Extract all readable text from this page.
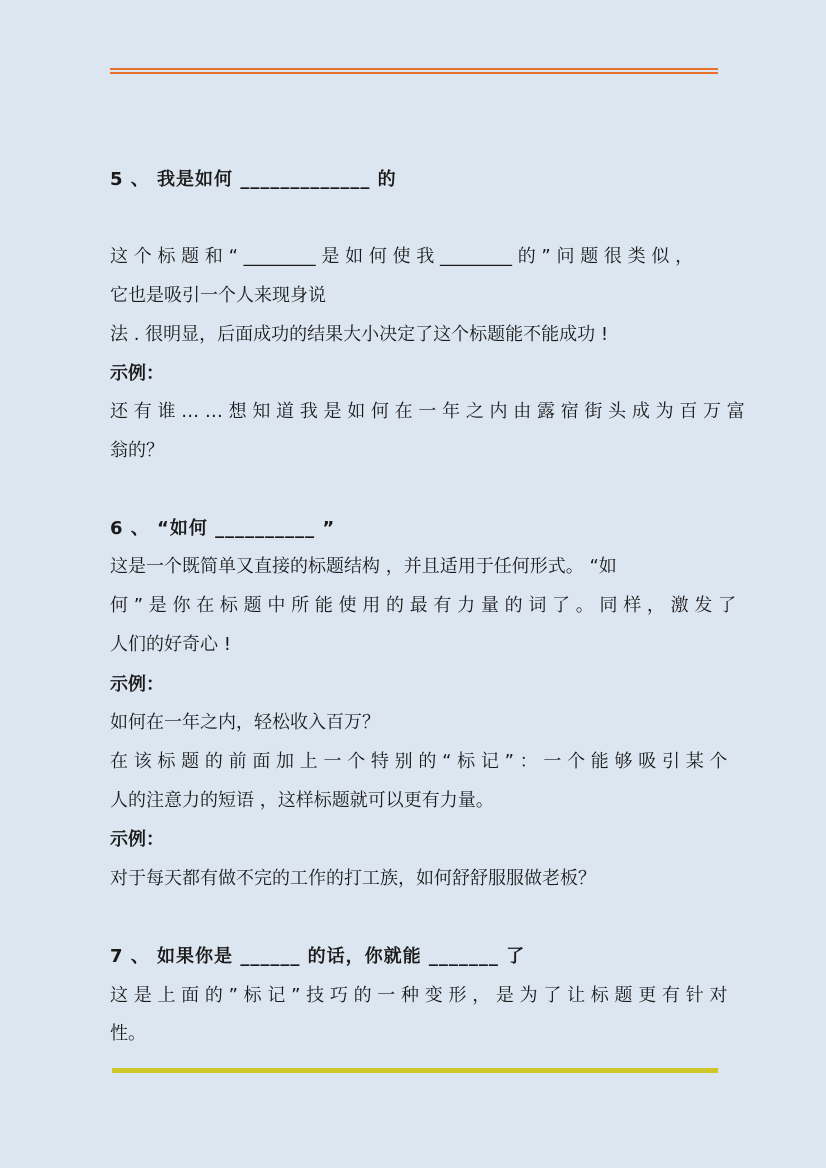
5 、 我是如何 _____________ 的
这 个 标 题 和 “ ________ 是 如 何 使 我 ________ 的 ” 问 题 很 类 似 ，
它也是吸引一个人来现身说
法 . 很明显，后面成功的结果大小决定了这个标题能不能成功 !
示例：
还 有 谁 … … 想 知 道 我 是 如 何 在 一 年 之 内 由 露 宿 街 头 成 为 百 万 富
翁的？
6 、 “如何 __________ ”
这是一个既简单又直接的标题结构 ，并且适用于任何形式。 “如
何 ” 是 你 在 标 题 中 所 能 使 用 的 最 有 力 量 的 词 了 。 同 样 ， 激 发 了
人们的好奇心 !
示例：
如何在一年之内，轻松收入百万？
在 该 标 题 的 前 面 加 上 一 个 特 别 的 “ 标 记 ” ： 一 个 能 够 吸 引 某 个
人的注意力的短语 ，这样标题就可以更有力量。
示例：
对于每天都有做不完的工作的打工族，如何舒舒服服做老板？
7 、 如果你是 ______ 的话，你就能 _______ 了
这 是 上 面 的 ” 标 记 ” 技 巧 的 一 种 变 形 ， 是 为 了 让 标 题 更 有 针 对
性。
